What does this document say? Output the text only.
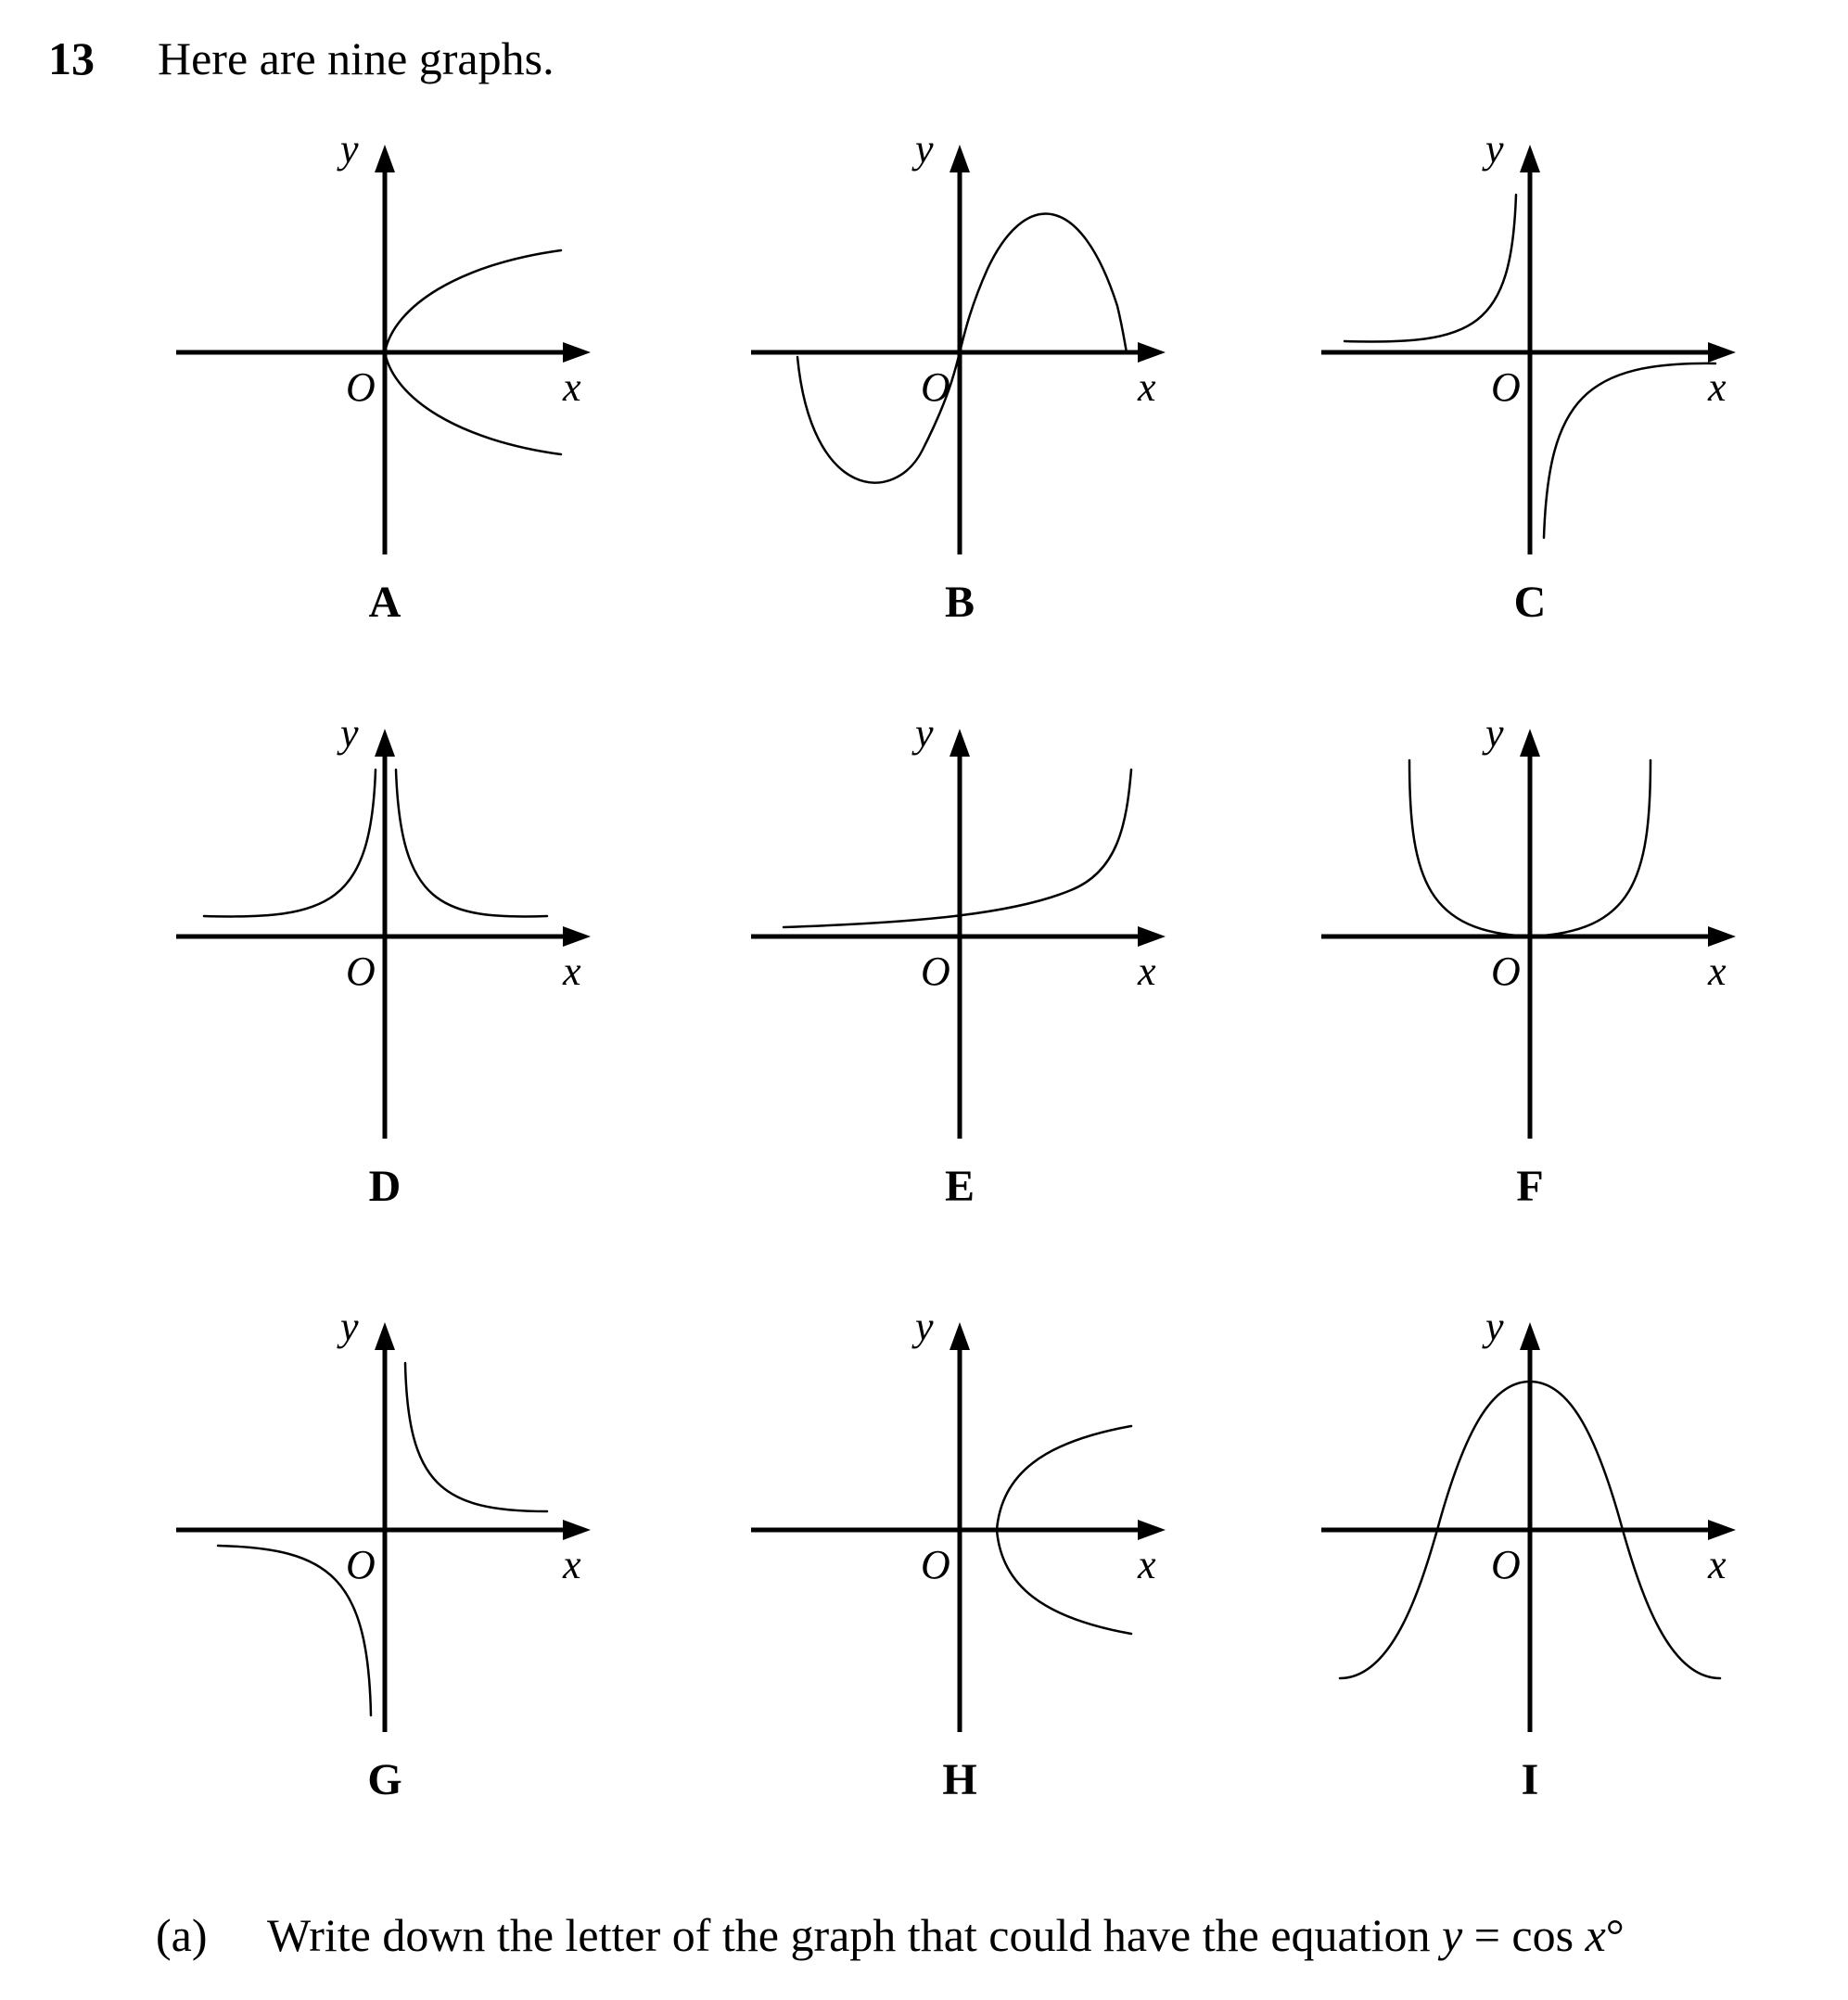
13 Here are nine graphs.
y
x
O
A
y
x
O
B
y
x
O
C
y
x
O
D
y
x
O
E
y
x
O
F
y
x
O
G
y
x
O
H
y
x
O
I
(a) Write down the letter of the graph that could have the equation y = cos x°
